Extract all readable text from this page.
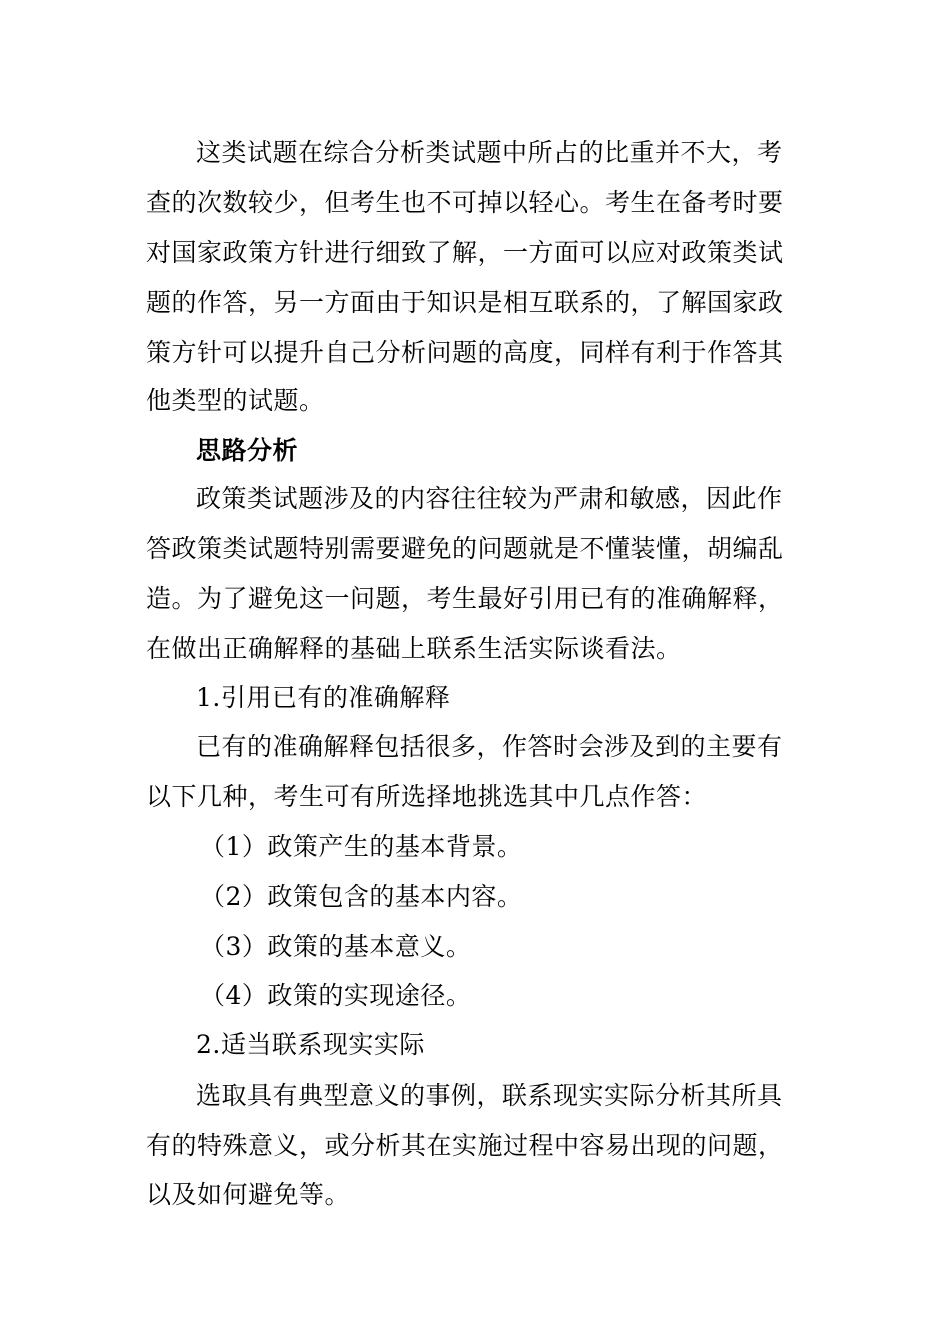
这类试题在综合分析类试题中所占的比重并不大，考
查的次数较少，但考生也不可掉以轻心。考生在备考时要
对国家政策方针进行细致了解，一方面可以应对政策类试
题的作答，另一方面由于知识是相互联系的，了解国家政
策方针可以提升自己分析问题的高度，同样有利于作答其
他类型的试题。
思路分析
政策类试题涉及的内容往往较为严肃和敏感，因此作
答政策类试题特别需要避免的问题就是不懂装懂，胡编乱
造。为了避免这一问题，考生最好引用已有的准确解释，
在做出正确解释的基础上联系生活实际谈看法。
1.引用已有的准确解释
已有的准确解释包括很多，作答时会涉及到的主要有
以下几种，考生可有所选择地挑选其中几点作答：
（1）政策产生的基本背景。
（2）政策包含的基本内容。
（3）政策的基本意义。
（4）政策的实现途径。
2.适当联系现实实际
选取具有典型意义的事例，联系现实实际分析其所具
有的特殊意义，或分析其在实施过程中容易出现的问题，
以及如何避免等。
